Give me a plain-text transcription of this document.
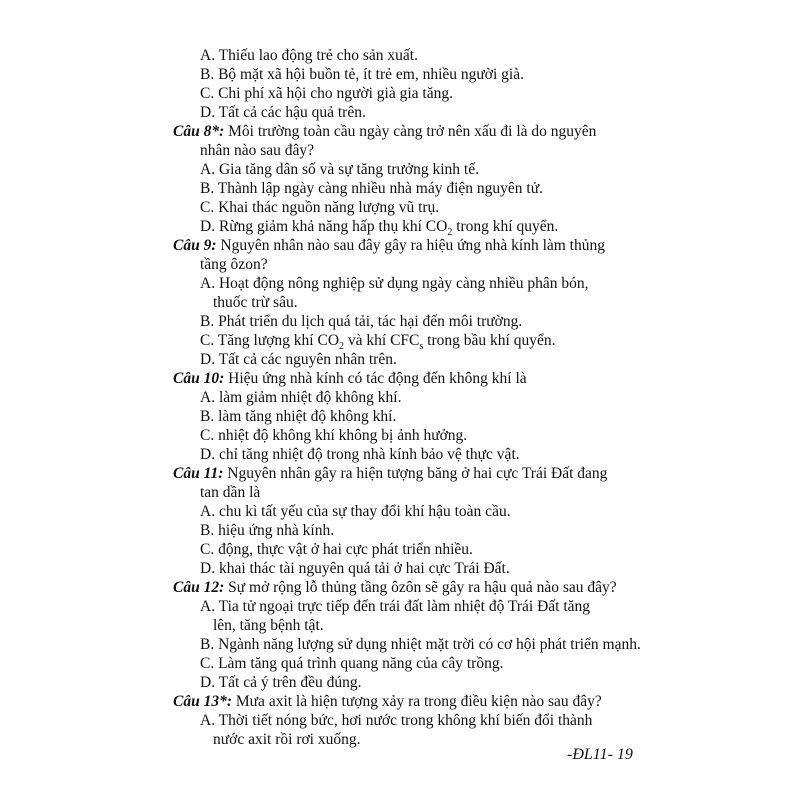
A. Thiếu lao động trẻ cho sản xuất.
B. Bộ mặt xã hội buồn tẻ, ít trẻ em, nhiều người già.
C. Chi phí xã hội cho người già gia tăng.
D. Tất cả các hậu quả trên.
Câu 8*: Môi trường toàn cầu ngày càng trở nên xấu đi là do nguyên
nhân nào sau đây?
A. Gia tăng dân số và sự tăng trưởng kinh tế.
B. Thành lập ngày càng nhiều nhà máy điện nguyên tử.
C. Khai thác nguồn năng lượng vũ trụ.
D. Rừng giảm khả năng hấp thụ khí $CO_2$ trong khí quyển.
Câu 9: Nguyên nhân nào sau đây gây ra hiệu ứng nhà kính làm thủng
tầng ôzon?
A. Hoạt động nông nghiệp sử dụng ngày càng nhiều phân bón,
thuốc trừ sâu.
B. Phát triển du lịch quá tải, tác hại đến môi trường.
C. Tăng lượng khí $CO_2$ và khí $CFC_s$ trong bầu khí quyển.
D. Tất cả các nguyên nhân trên.
Câu 10: Hiệu ứng nhà kính có tác động đến không khí là
A. làm giảm nhiệt độ không khí.
B. làm tăng nhiệt độ không khí.
C. nhiệt độ không khí không bị ảnh hưởng.
D. chỉ tăng nhiệt độ trong nhà kính bảo vệ thực vật.
Câu 11: Nguyên nhân gây ra hiện tượng băng ở hai cực Trái Đất đang
tan dần là
A. chu kì tất yếu của sự thay đổi khí hậu toàn cầu.
B. hiệu ứng nhà kính.
C. động, thực vật ở hai cực phát triển nhiều.
D. khai thác tài nguyên quá tải ở hai cực Trái Đất.
Câu 12: Sự mở rộng lỗ thủng tầng ôzôn sẽ gây ra hậu quả nào sau đây?
A. Tia tử ngoại trực tiếp đến trái đất làm nhiệt độ Trái Đất tăng
lên, tăng bệnh tật.
B. Ngành năng lượng sử dụng nhiệt mặt trời có cơ hội phát triển mạnh.
C. Làm tăng quá trình quang năng của cây trồng.
D. Tất cả ý trên đều đúng.
Câu 13*: Mưa axit là hiện tượng xảy ra trong điều kiện nào sau đây?
A. Thời tiết nóng bức, hơi nước trong không khí biến đổi thành
nước axit rồi rơi xuống.
-ĐL11- 19
